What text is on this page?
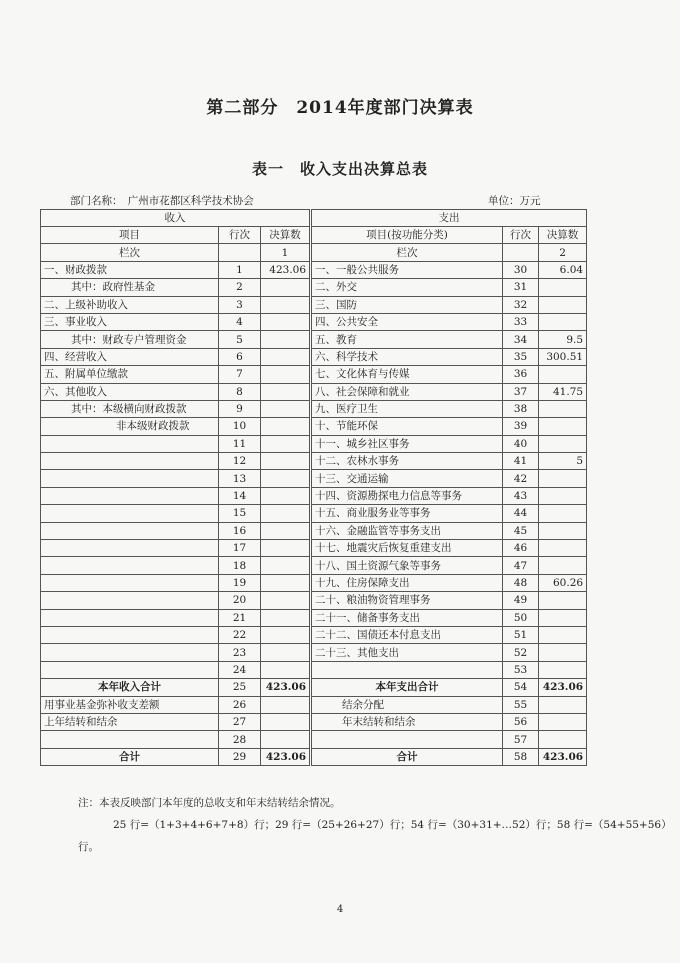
第二部分　2014年度部门决算表
表一　收入支出决算总表
部门名称：　广州市花都区科学技术协会	单位：万元
收入			支出		
项目	行次	决算数	项目(按功能分类)	行次	决算数
栏次		1	栏次		2
一、财政拨款	1	423.06	一、一般公共服务	30	6.04
其中：政府性基金	2		二、外交	31	
二、上级补助收入	3		三、国防	32	
三、事业收入	4		四、公共安全	33	
其中：财政专户管理资金	5		五、教育	34	9.5
四、经营收入	6		六、科学技术	35	300.51
五、附属单位缴款	7		七、文化体育与传媒	36	
六、其他收入	8		八、社会保障和就业	37	41.75
其中：本级横向财政拨款	9		九、医疗卫生	38	
非本级财政拨款	10		十、节能环保	39	
	11		十一、城乡社区事务	40	
	12		十二、农林水事务	41	5
	13		十三、交通运输	42	
	14		十四、资源勘探电力信息等事务	43	
	15		十五、商业服务业等事务	44	
	16		十六、金融监管等事务支出	45	
	17		十七、地震灾后恢复重建支出	46	
	18		十八、国土资源气象等事务	47	
	19		十九、住房保障支出	48	60.26
	20		二十、粮油物资管理事务	49	
	21		二十一、储备事务支出	50	
	22		二十二、国债还本付息支出	51	
	23		二十三、其他支出	52	
	24			53	
本年收入合计	25	423.06	本年支出合计	54	423.06
用事业基金弥补收支差额	26		结余分配	55	
上年结转和结余	27		年末结转和结余	56	
	28			57	
合计	29	423.06	合计	58	423.06
注：本表反映部门本年度的总收支和年末结转结余情况。
25 行=（1+3+4+6+7+8）行；29 行=（25+26+27）行；54 行=（30+31+…52）行；58 行=（54+55+56）
行。
4
